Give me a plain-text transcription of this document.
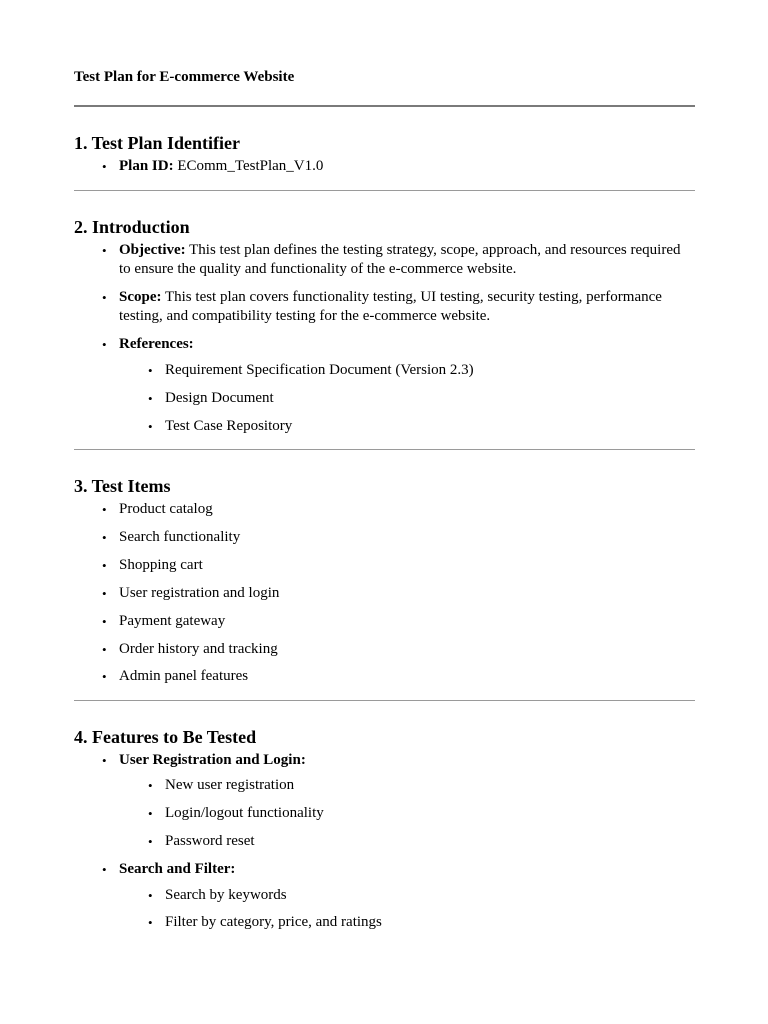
Test Plan for E-commerce Website

1. Test Plan Identifier
• Plan ID: EComm_TestPlan_V1.0
2. Introduction
• Objective: This test plan defines the testing strategy, scope, approach, and resources required to ensure the quality and functionality of the e-commerce website.
• Scope: This test plan covers functionality testing, UI testing, security testing, performance testing, and compatibility testing for the e-commerce website.
• References:
• Requirement Specification Document (Version 2.3)
• Design Document
• Test Case Repository
3. Test Items
• Product catalog
• Search functionality
• Shopping cart
• User registration and login
• Payment gateway
• Order history and tracking
• Admin panel features
4. Features to Be Tested
• User Registration and Login:
• New user registration
• Login/logout functionality
• Password reset
• Search and Filter:
• Search by keywords
• Filter by category, price, and ratings
